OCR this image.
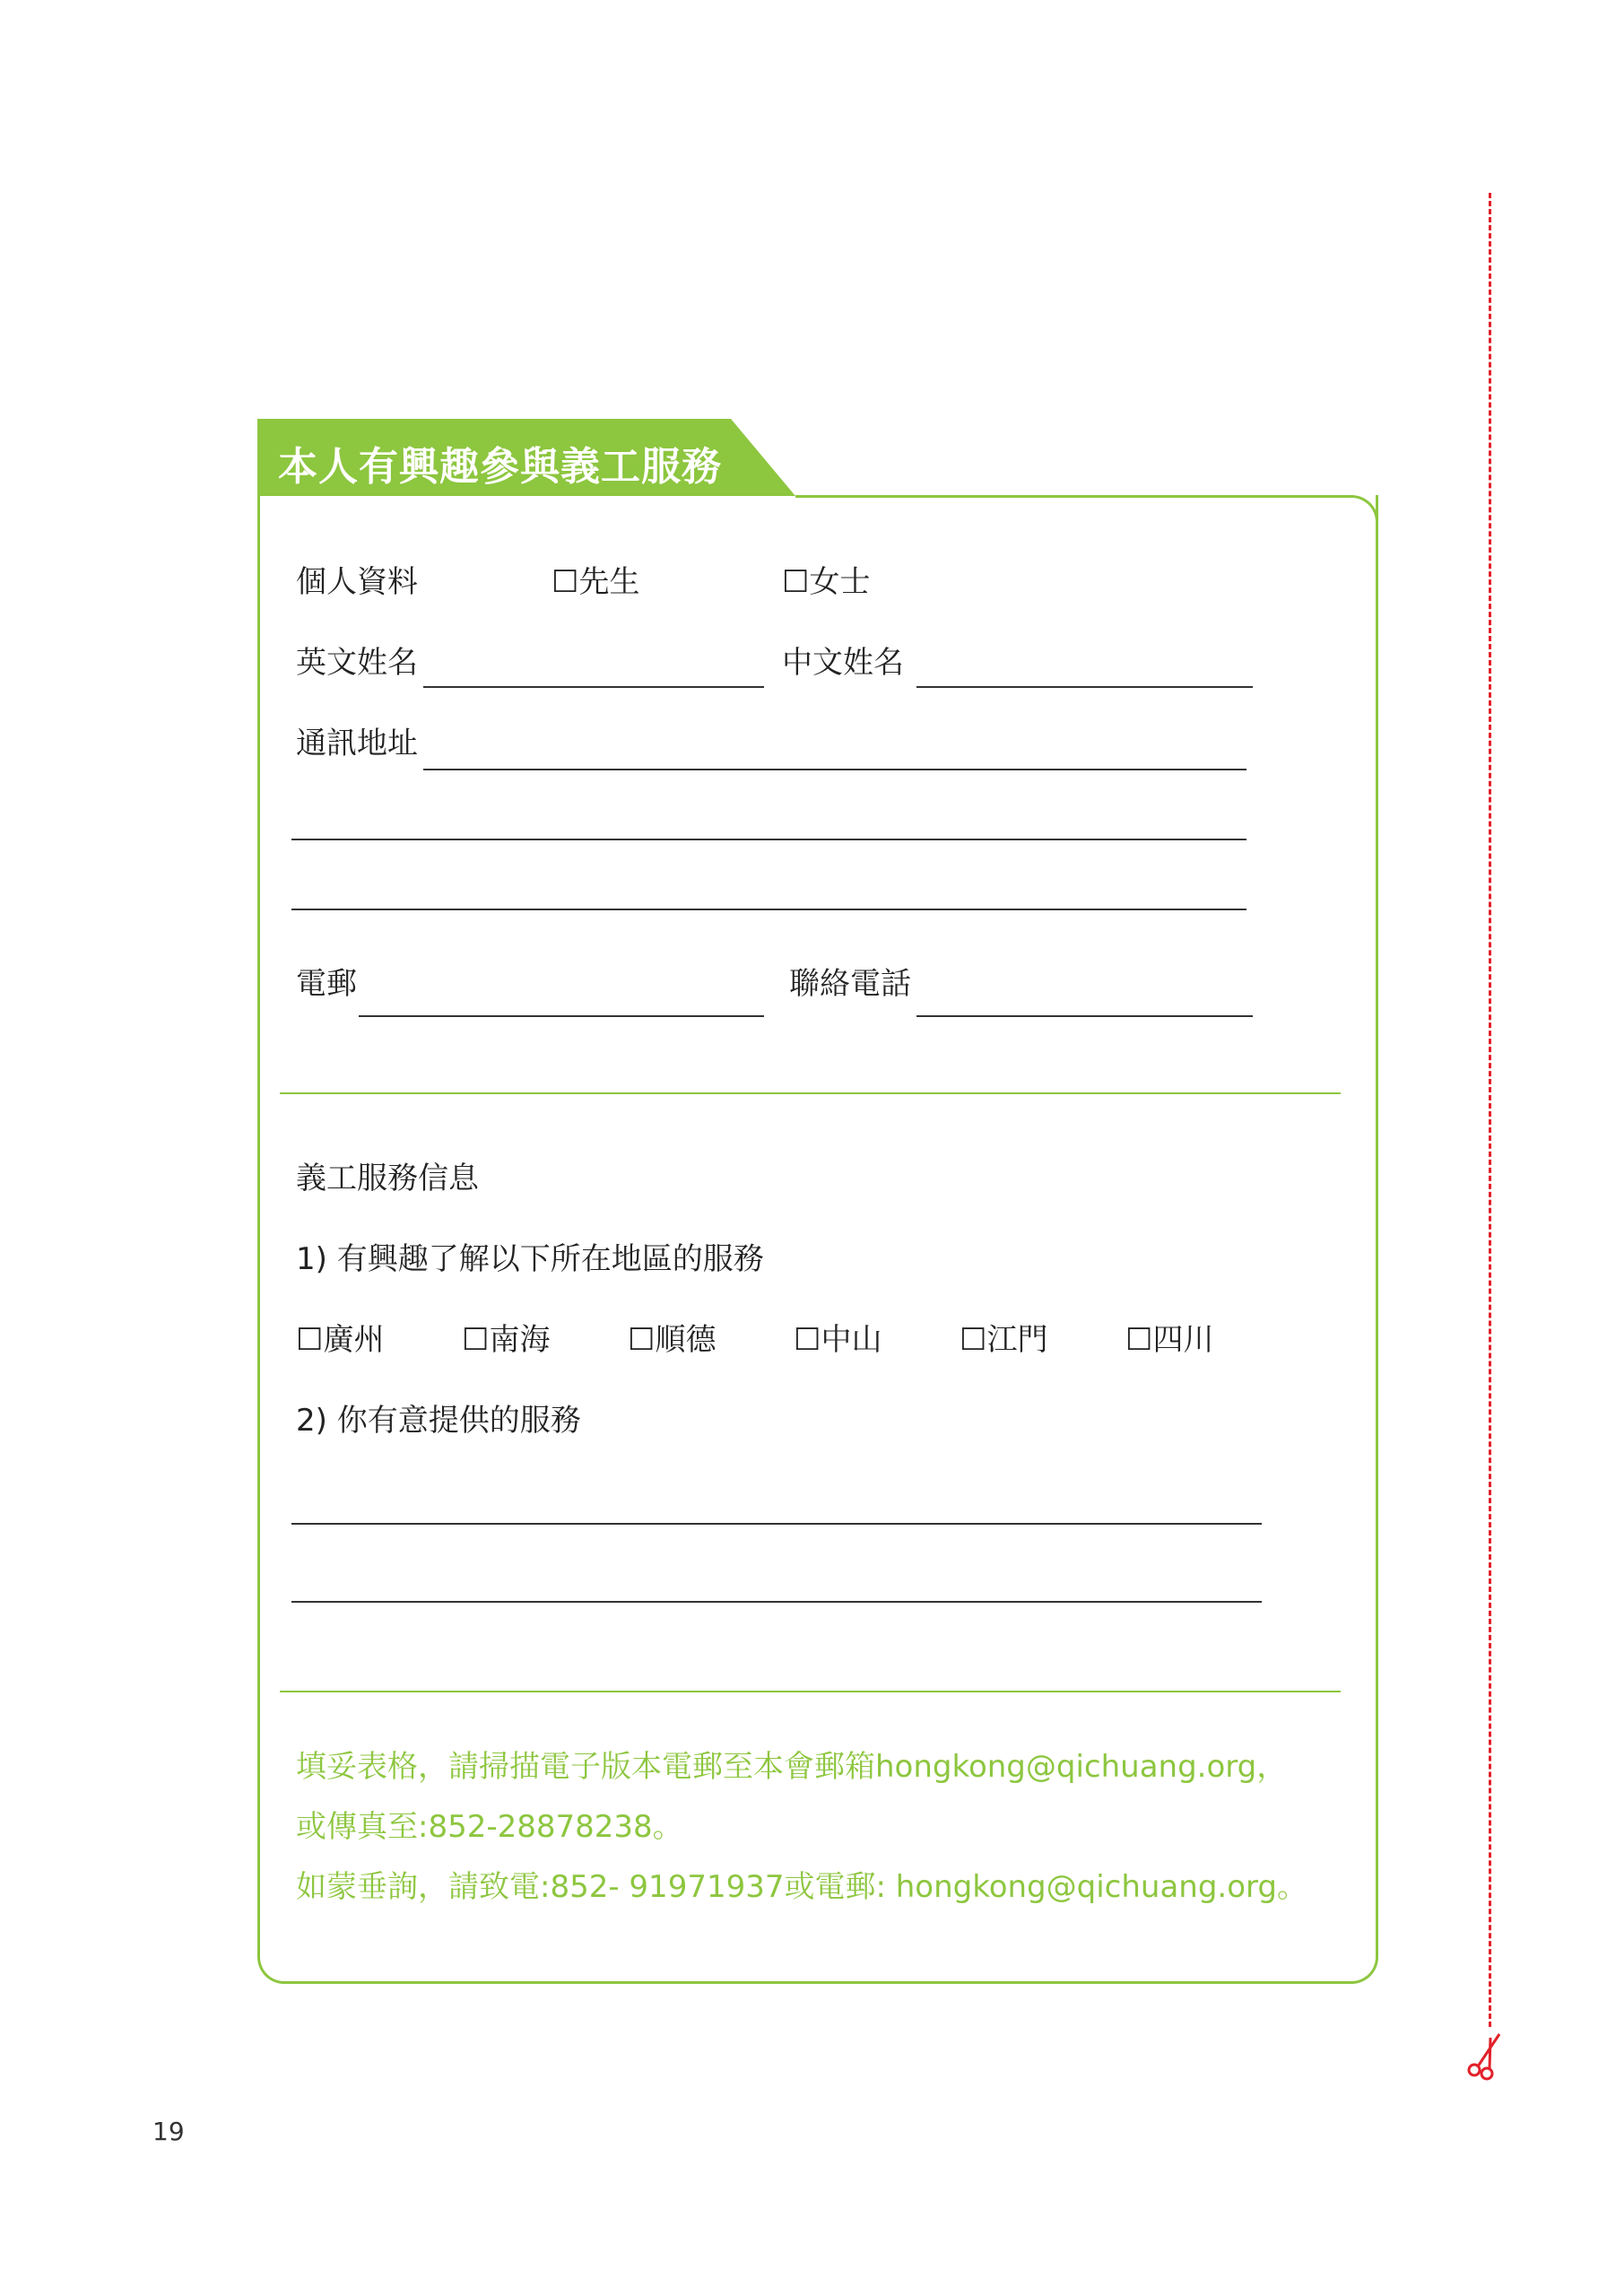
本人有興趣參與義工服務
個人資料	☐先生	☐女士
英文姓名	中文姓名
通訊地址
電郵	聯絡電話
義工服務信息
1) 有興趣了解以下所在地區的服務
☐廣州	☐南海	☐順德	☐中山	☐江門	☐四川
2) 你有意提供的服務
填妥表格，請掃描電子版本電郵至本會郵箱hongkong@qichuang.org，
或傳真至:852-28878238。
如蒙垂詢，請致電:852- 91971937或電郵: hongkong@qichuang.org。
19
